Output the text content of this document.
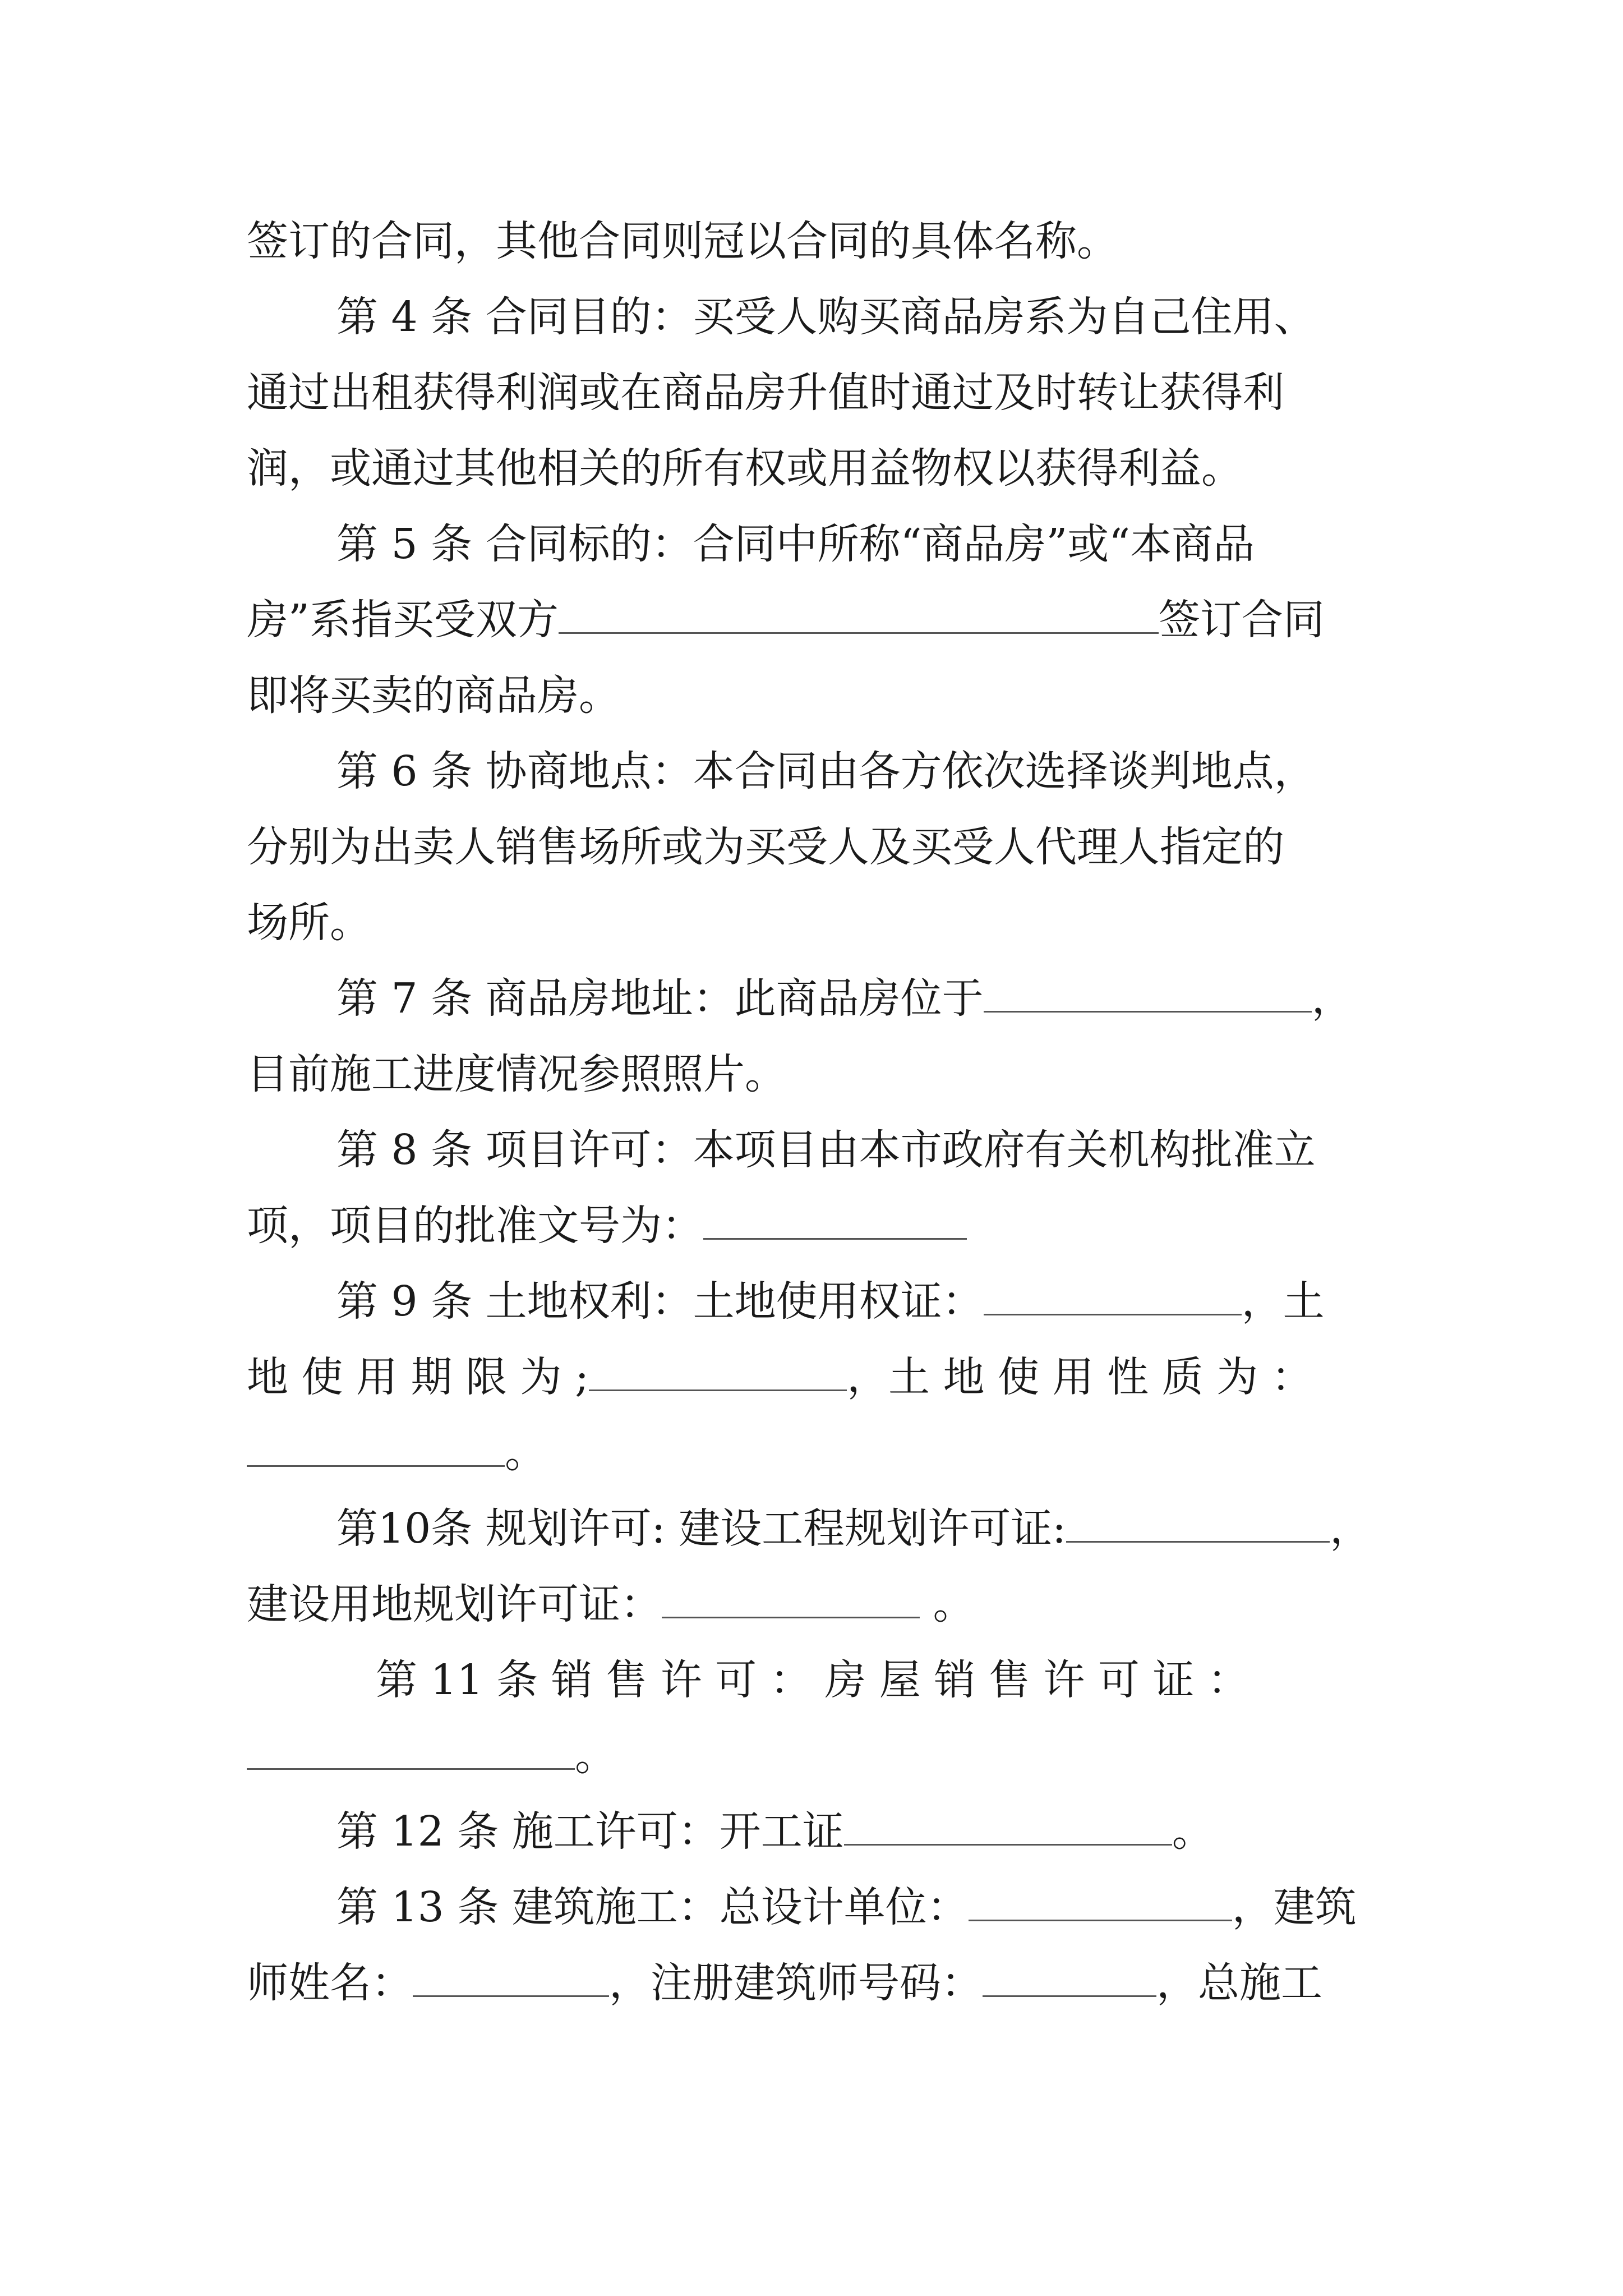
签订的合同，其他合同则冠以合同的具体名称。
第 4 条 合同目的：买受人购买商品房系为自己住用、
通过出租获得利润或在商品房升值时通过及时转让获得利
润，或通过其他相关的所有权或用益物权以获得利益。
第 5 条 合同标的：合同中所称“商品房”或“本商品
房”系指买受双方	签订合同
即将买卖的商品房。
第 6 条 协商地点：本合同由各方依次选择谈判地点，
分别为出卖人销售场所或为买受人及买受人代理人指定的
场所。
第 7 条 商品房地址：此商品房位于	，
目前施工进度情况参照照片。
第 8 条 项目许可：本项目由本市政府有关机构批准立
项，项目的批准文号为：
第 9 条 土地权利：土地使用权证：	，土
地 使 用 期 限 为 ;	，土 地 使 用 性 质 为 ：
。
第10条 规划许可: 建设工程规划许可证:	，
建设用地规划许可证：	。
第 11 条 销 售 许 可 ： 房 屋 销 售 许 可 证 ：
。
第 12 条 施工许可：开工证	。
第 13 条 建筑施工：总设计单位：	，建筑
师姓名：	，注册建筑师号码：	，总施工
